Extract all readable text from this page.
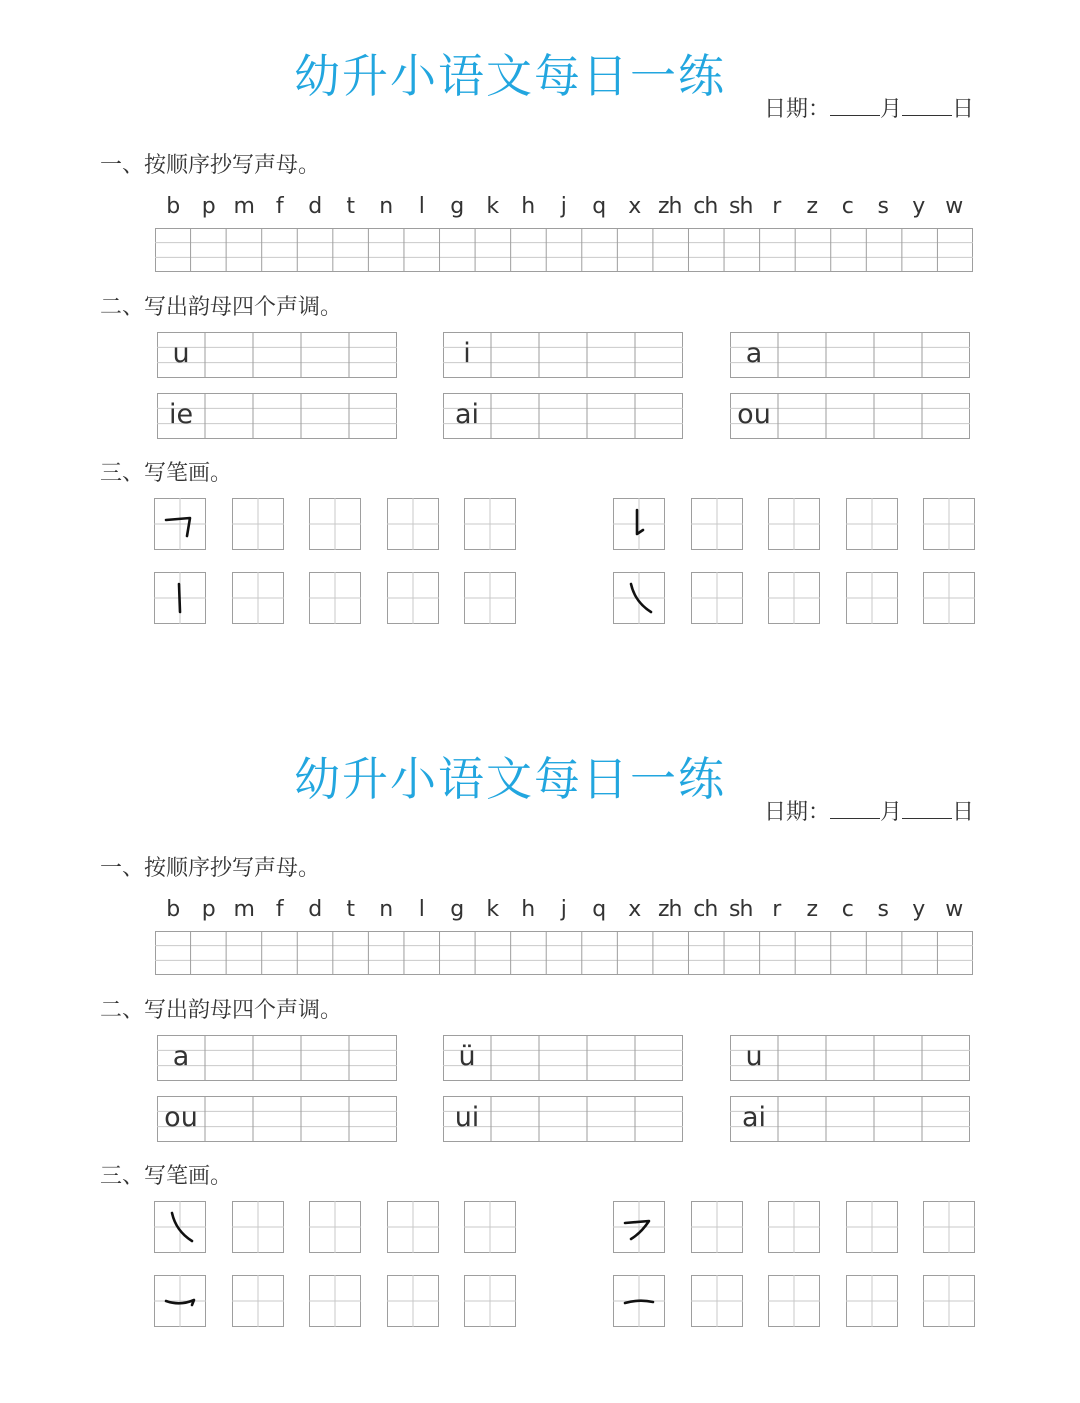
幼升小语文每日一练
日期： 月 日
一、按顺序抄写声母。
b	p m f	d	t	n	l	g	k	h	j	q	x zh ch sh r	z	c	s	y w
二、写出韵母四个声调。
u	i	a
ie	ai	ou
三、写笔画。
幼升小语文每日一练
日期： 月 日
一、按顺序抄写声母。
b	p m f	d	t	n	l	g	k	h	j	q	x zh ch sh r	z	c	s	y w
二、写出韵母四个声调。
a	ü	u
ou	ui	ai
三、写笔画。
